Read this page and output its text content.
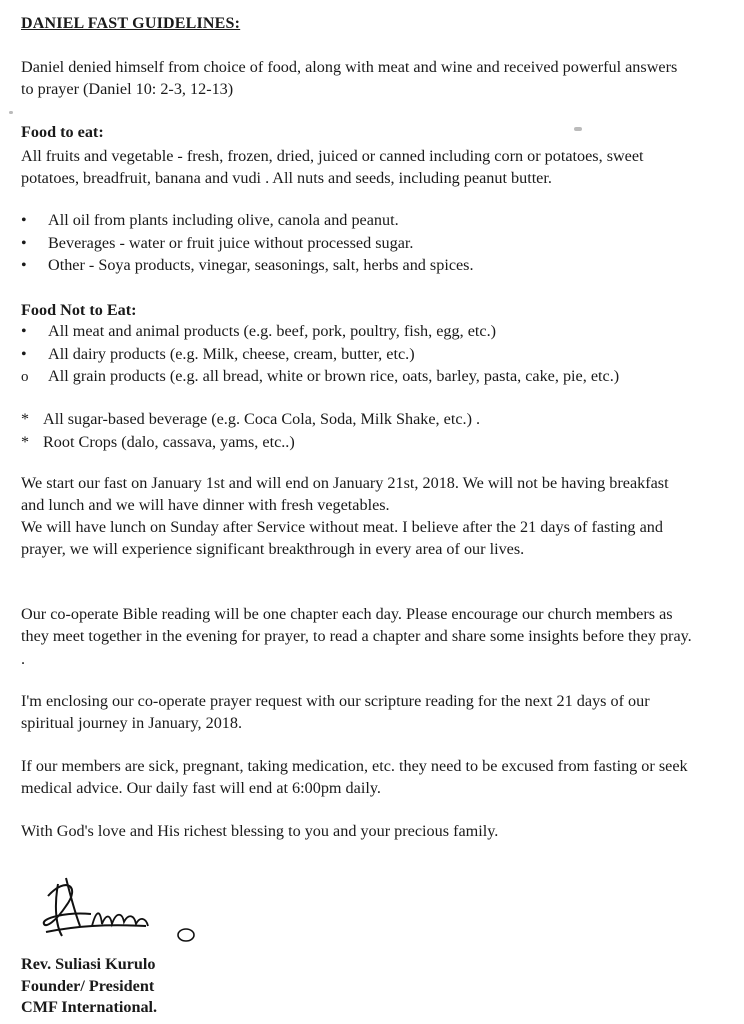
DANIEL FAST GUIDELINES:
Daniel denied himself from choice of food, along with meat and wine and received powerful answers to prayer (Daniel 10: 2-3, 12-13)
Food to eat:
All fruits and vegetable - fresh, frozen, dried, juiced or canned including corn or potatoes, sweet potatoes, breadfruit, banana and vudi . All nuts and seeds, including peanut butter.
•
All oil from plants including olive, canola and peanut.
•
Beverages - water or fruit juice without processed sugar.
•
Other - Soya products, vinegar, seasonings, salt, herbs and spices.
Food Not to Eat:
•
All meat and animal products (e.g. beef, pork, poultry, fish, egg, etc.)
•
All dairy products (e.g. Milk, cheese, cream, butter, etc.)
o
All grain products (e.g. all bread, white or brown rice, oats, barley, pasta, cake, pie, etc.)
*
All sugar-based beverage (e.g. Coca Cola, Soda, Milk Shake, etc.) .
*
Root Crops (dalo, cassava, yams, etc..)
We start our fast on January 1st and will end on January 21st, 2018. We will not be having breakfast and lunch and we will have dinner with fresh vegetables.
We will have lunch on Sunday after Service without meat. I believe after the 21 days of fasting and prayer, we will experience significant breakthrough in every area of our lives.
Our co-operate Bible reading will be one chapter each day. Please encourage our church members as they meet together in the evening for prayer, to read a chapter and share some insights before they pray. .
I'm enclosing our co-operate prayer request with our scripture reading for the next 21 days of our spiritual journey in January, 2018.
If our members are sick, pregnant, taking medication, etc. they need to be excused from fasting or seek medical advice. Our daily fast will end at 6:00pm daily.
With God's love and His richest blessing to you and your precious family.
Rev. Suliasi Kurulo
Founder/ President
CMF International.
